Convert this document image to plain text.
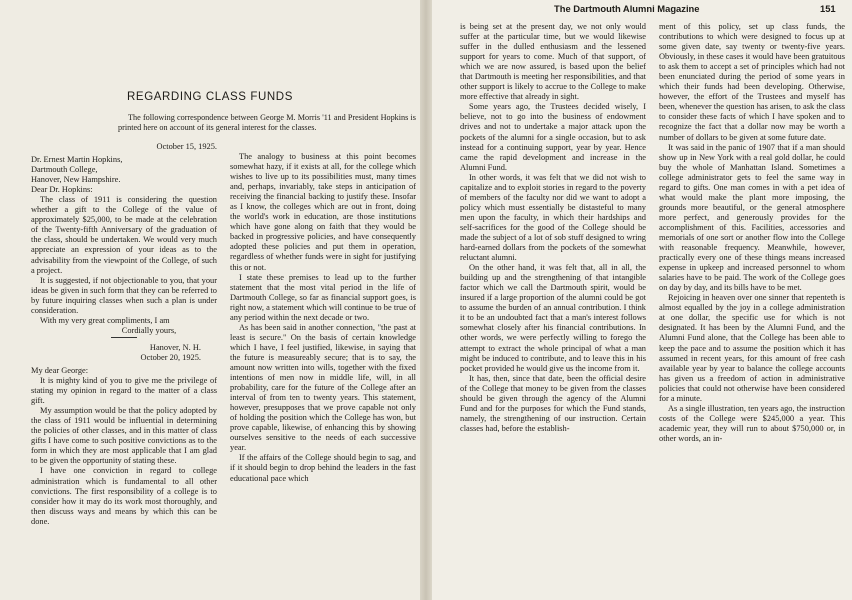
REGARDING CLASS FUNDS

The following correspondence between George M. Morris '11 and President Hopkins is printed here on account of its general interest for the classes.

October 15, 1925.
Dr. Ernest Martin Hopkins,
Dartmouth College,
Hanover, New Hampshire.
Dear Dr. Hopkins:

The class of 1911 is considering the question whether a gift to the College of the value of approximately $25,000, to be made at the celebration of the Twenty-fifth Anniversary of the graduation of the class, should be undertaken. We would very much appreciate an expression of your ideas as to the advisability from the viewpoint of the College, of such a project.

It is suggested, if not objectionable to you, that your ideas be given in such form that they can be referred to by future inquiring classes when such a plan is under consideration.

With my very great compliments, I am

Cordially yours,
Hanover, N. H.
October 20, 1925.
My dear George:

It is mighty kind of you to give me the privilege of stating my opinion in regard to the matter of a class gift.

My assumption would be that the policy adopted by the class of 1911 would be influential in determining the policies of other classes, and in this matter of class gifts I have come to such positive convictions as to the form in which they are most applicable that I am glad to be given the opportunity of stating these.

I have one conviction in regard to college administration which is fundamental to all other convictions. The first responsibility of a college is to consider how it may do its work most thoroughly, and then discuss ways and means by which this can be done.

The analogy to business at this point becomes somewhat hazy, if it exists at all, for the college which wishes to live up to its possibilities must, many times and, perhaps, invariably, take steps in anticipation of receiving the financial backing to justify these. Insofar as I know, the colleges which are out in front, doing the world's work in education, are those institutions which have gone along on faith that they would be backed in progressive policies, and have consequently adopted these policies and put them in operation, regardless of whether funds were in sight for justifying this or not.

I state these premises to lead up to the further statement that the most vital period in the life of Dartmouth College, so far as financial support goes, is right now, a statement which will continue to be true of any period within the next decade or two.

As has been said in another connection, "the past at least is secure." On the basis of certain knowledge which I have, I feel justified, likewise, in saying that the future is measureably secure; that is to say, the amount now written into wills, together with the fixed intentions of men now in middle life, will, in all probability, care for the future of the College after an interval of from ten to twenty years. This statement, however, presupposes that we prove capable not only of holding the position which the College has won, but prove capable, likewise, of enhancing this by showing ourselves sensitive to the needs of each successive year.

If the affairs of the College should begin to sag, and if it should begin to drop behind the leaders in the fast educational pace which

The Dartmouth Alumni Magazine	151

is being set at the present day, we not only would suffer at the particular time, but we would likewise suffer in the dulled enthusiasm and the lessened support for years to come. Much of that support, of which we are now assured, is based upon the belief that Dartmouth is meeting her responsibilities, and that other support is likely to accrue to the College to make more effective that already in sight.

Some years ago, the Trustees decided wisely, I believe, not to go into the business of endowment drives and not to undertake a major attack upon the pockets of the alumni for a single occasion, but to ask instead for a continuing support, year by year. Hence came the rapid development and increase in the Alumni Fund.

In other words, it was felt that we did not wish to capitalize and to exploit stories in regard to the poverty of members of the faculty nor did we want to adopt a policy which must essentially be distasteful to many men upon the faculty, in which their hardships and self-sacrifices for the good of the College should be made the subject of a lot of sob stuff designed to wring hard-earned dollars from the pockets of the somewhat reluctant alumni.

On the other hand, it was felt that, all in all, the building up and the strengthening of that intangible factor which we call the Dartmouth spirit, would be insured if a large proportion of the alumni could be got to assume the burden of an annual contribution. I think it to be an undoubted fact that a man's interest follows somewhat closely after his financial contributions. In other words, we were perfectly willing to forego the attempt to extract the whole principal of what a man might be induced to contribute, and to leave this in his pocket provided he would give us the income from it.

It has, then, since that date, been the official desire of the College that money to be given from the classes should be given through the agency of the Alumni Fund and for the purposes for which the Fund stands, namely, the strengthening of our instruction. Certain classes had, before the establish-

ment of this policy, set up class funds, the contributions to which were designed to focus up at some given date, say twenty or twenty-five years. Obviously, in these cases it would have been gratuitous to ask them to accept a set of principles which had not been enunciated during the period of some years in which their funds had been developing. Otherwise, however, the effort of the Trustees and myself has been, whenever the question has arisen, to ask the class to consider these facts of which I have spoken and to recognize the fact that a dollar now may be worth a number of dollars to be given at some future date.

It was said in the panic of 1907 that if a man should show up in New York with a real gold dollar, he could buy the whole of Manhattan Island. Sometimes a college administrator gets to feel the same way in regard to gifts. One man comes in with a pet idea of what would make the plant more imposing, the grounds more beautiful, or the general atmosphere more perfect, and generously provides for the accomplishment of this. Facilities, accessories and memorials of one sort or another flow into the College with reasonable frequency. Meanwhile, however, practically every one of these things means increased expense in upkeep and increased personnel to whom salaries have to be paid. The work of the College goes on day by day, and its bills have to be met.

Rejoicing in heaven over one sinner that repenteth is almost equalled by the joy in a college administration at one dollar, the specific use for which is not designated. It has been by the Alumni Fund, and the Alumni Fund alone, that the College has been able to keep the pace and to assume the position which it has assumed in recent years, for this amount of free cash available year by year to balance the college accounts has given us a freedom of action in administrative policies that could not otherwise have been considered for a minute.

As a single illustration, ten years ago, the instruction costs of the College were $245,000 a year. This academic year, they will run to about $750,000 or, in other words, an in-
